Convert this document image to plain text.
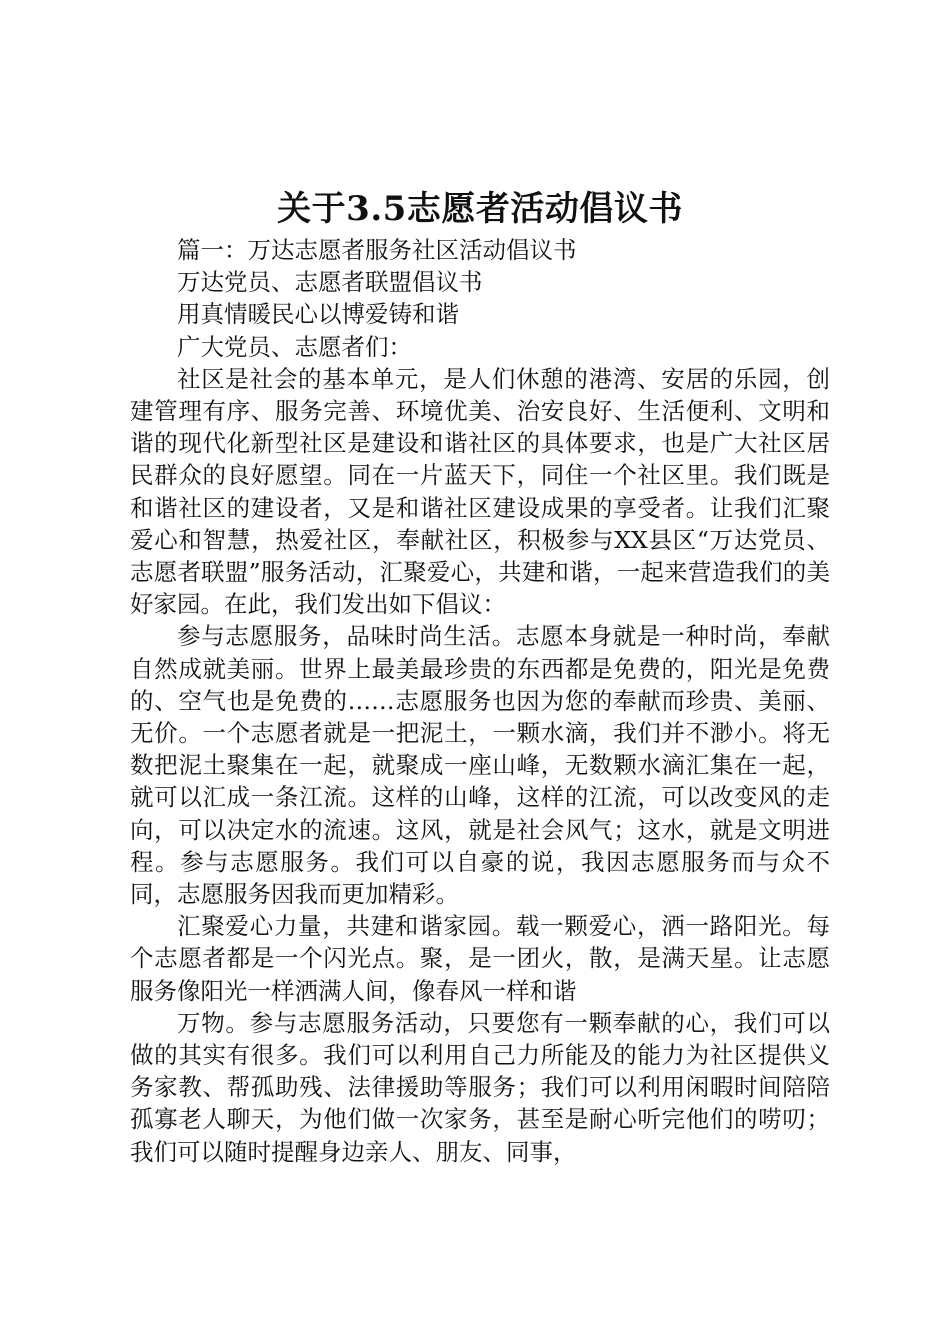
关于3.5志愿者活动倡议书

篇一：万达志愿者服务社区活动倡议书

万达党员、志愿者联盟倡议书

用真情暖民心以博爱铸和谐

广大党员、志愿者们：

社区是社会的基本单元，是人们休憩的港湾、安居的乐园，创建管理有序、服务完善、环境优美、治安良好、生活便利、文明和谐的现代化新型社区是建设和谐社区的具体要求，也是广大社区居民群众的良好愿望。同在一片蓝天下，同住一个社区里。我们既是和谐社区的建设者，又是和谐社区建设成果的享受者。让我们汇聚爱心和智慧，热爱社区，奉献社区，积极参与XX县区“万达党员、志愿者联盟”服务活动，汇聚爱心，共建和谐，一起来营造我们的美好家园。在此，我们发出如下倡议：

参与志愿服务，品味时尚生活。志愿本身就是一种时尚，奉献自然成就美丽。世界上最美最珍贵的东西都是免费的，阳光是免费的、空气也是免费的……志愿服务也因为您的奉献而珍贵、美丽、无价。一个志愿者就是一把泥土，一颗水滴，我们并不渺小。将无数把泥土聚集在一起，就聚成一座山峰，无数颗水滴汇集在一起，就可以汇成一条江流。这样的山峰，这样的江流，可以改变风的走向，可以决定水的流速。这风，就是社会风气；这水，就是文明进程。参与志愿服务。我们可以自豪的说，我因志愿服务而与众不同，志愿服务因我而更加精彩。

汇聚爱心力量，共建和谐家园。载一颗爱心，洒一路阳光。每个志愿者都是一个闪光点。聚，是一团火，散，是满天星。让志愿服务像阳光一样洒满人间，像春风一样和谐

万物。参与志愿服务活动，只要您有一颗奉献的心，我们可以做的其实有很多。我们可以利用自己力所能及的能力为社区提供义务家教、帮孤助残、法律援助等服务；我们可以利用闲暇时间陪陪孤寡老人聊天，为他们做一次家务，甚至是耐心听完他们的唠叨；我们可以随时提醒身边亲人、朋友、同事，
